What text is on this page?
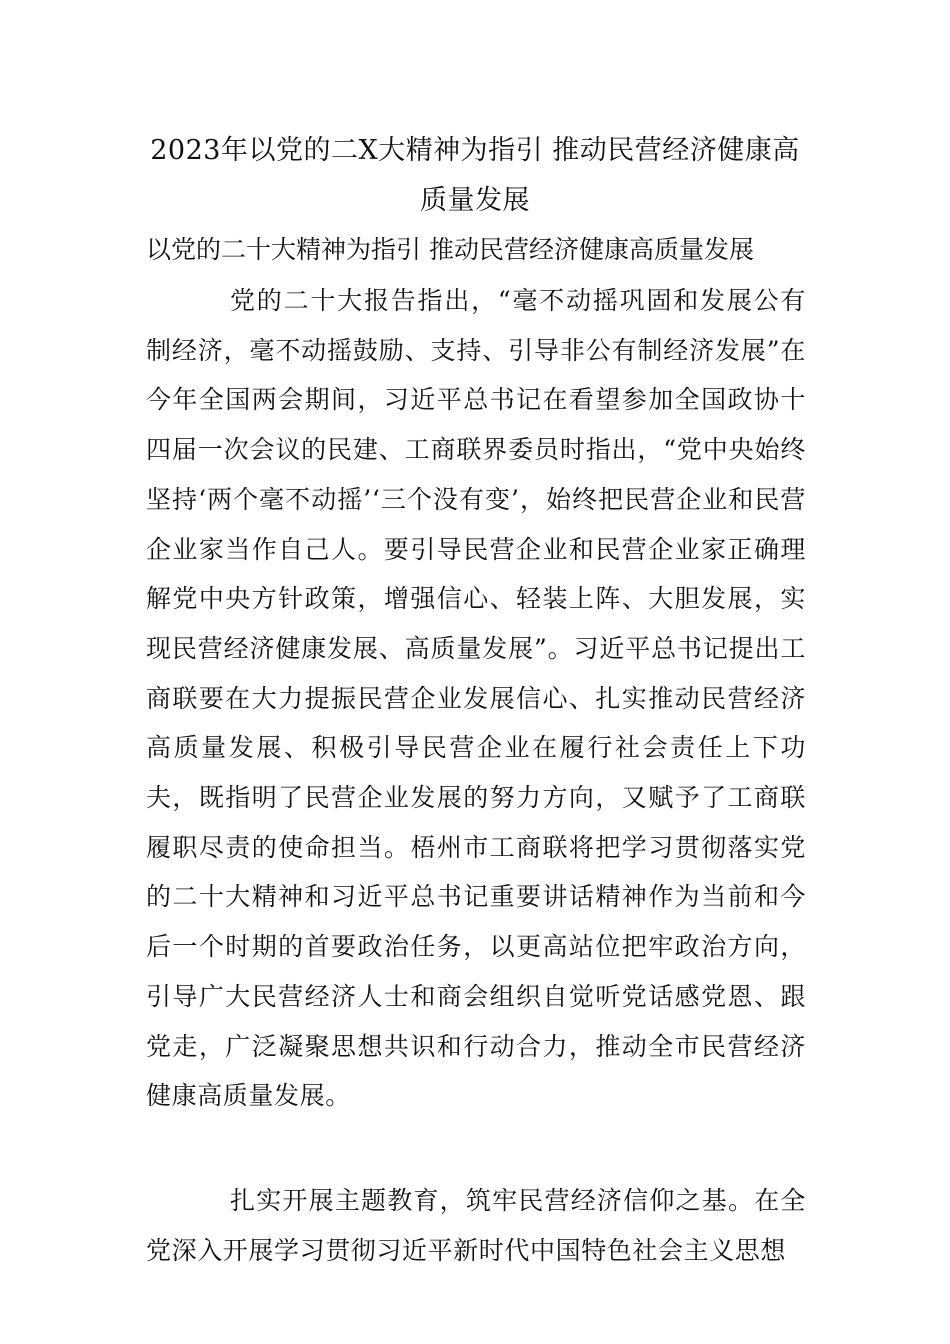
2023年以党的二X大精神为指引 推动民营经济健康高质量发展
以党的二十大精神为指引 推动民营经济健康高质量发展
党的二十大报告指出，“毫不动摇巩固和发展公有制经济，毫不动摇鼓励、支持、引导非公有制经济发展”在今年全国两会期间，习近平总书记在看望参加全国政协十四届一次会议的民建、工商联界委员时指出，“党中央始终坚持‘两个毫不动摇’‘三个没有变’，始终把民营企业和民营企业家当作自己人。要引导民营企业和民营企业家正确理解党中央方针政策，增强信心、轻装上阵、大胆发展，实现民营经济健康发展、高质量发展”。习近平总书记提出工商联要在大力提振民营企业发展信心、扎实推动民营经济高质量发展、积极引导民营企业在履行社会责任上下功夫，既指明了民营企业发展的努力方向，又赋予了工商联履职尽责的使命担当。梧州市工商联将把学习贯彻落实党的二十大精神和习近平总书记重要讲话精神作为当前和今后一个时期的首要政治任务，以更高站位把牢政治方向，引导广大民营经济人士和商会组织自觉听党话感党恩、跟党走，广泛凝聚思想共识和行动合力，推动全市民营经济健康高质量发展。
扎实开展主题教育，筑牢民营经济信仰之基。在全党深入开展学习贯彻习近平新时代中国特色社会主义思想
